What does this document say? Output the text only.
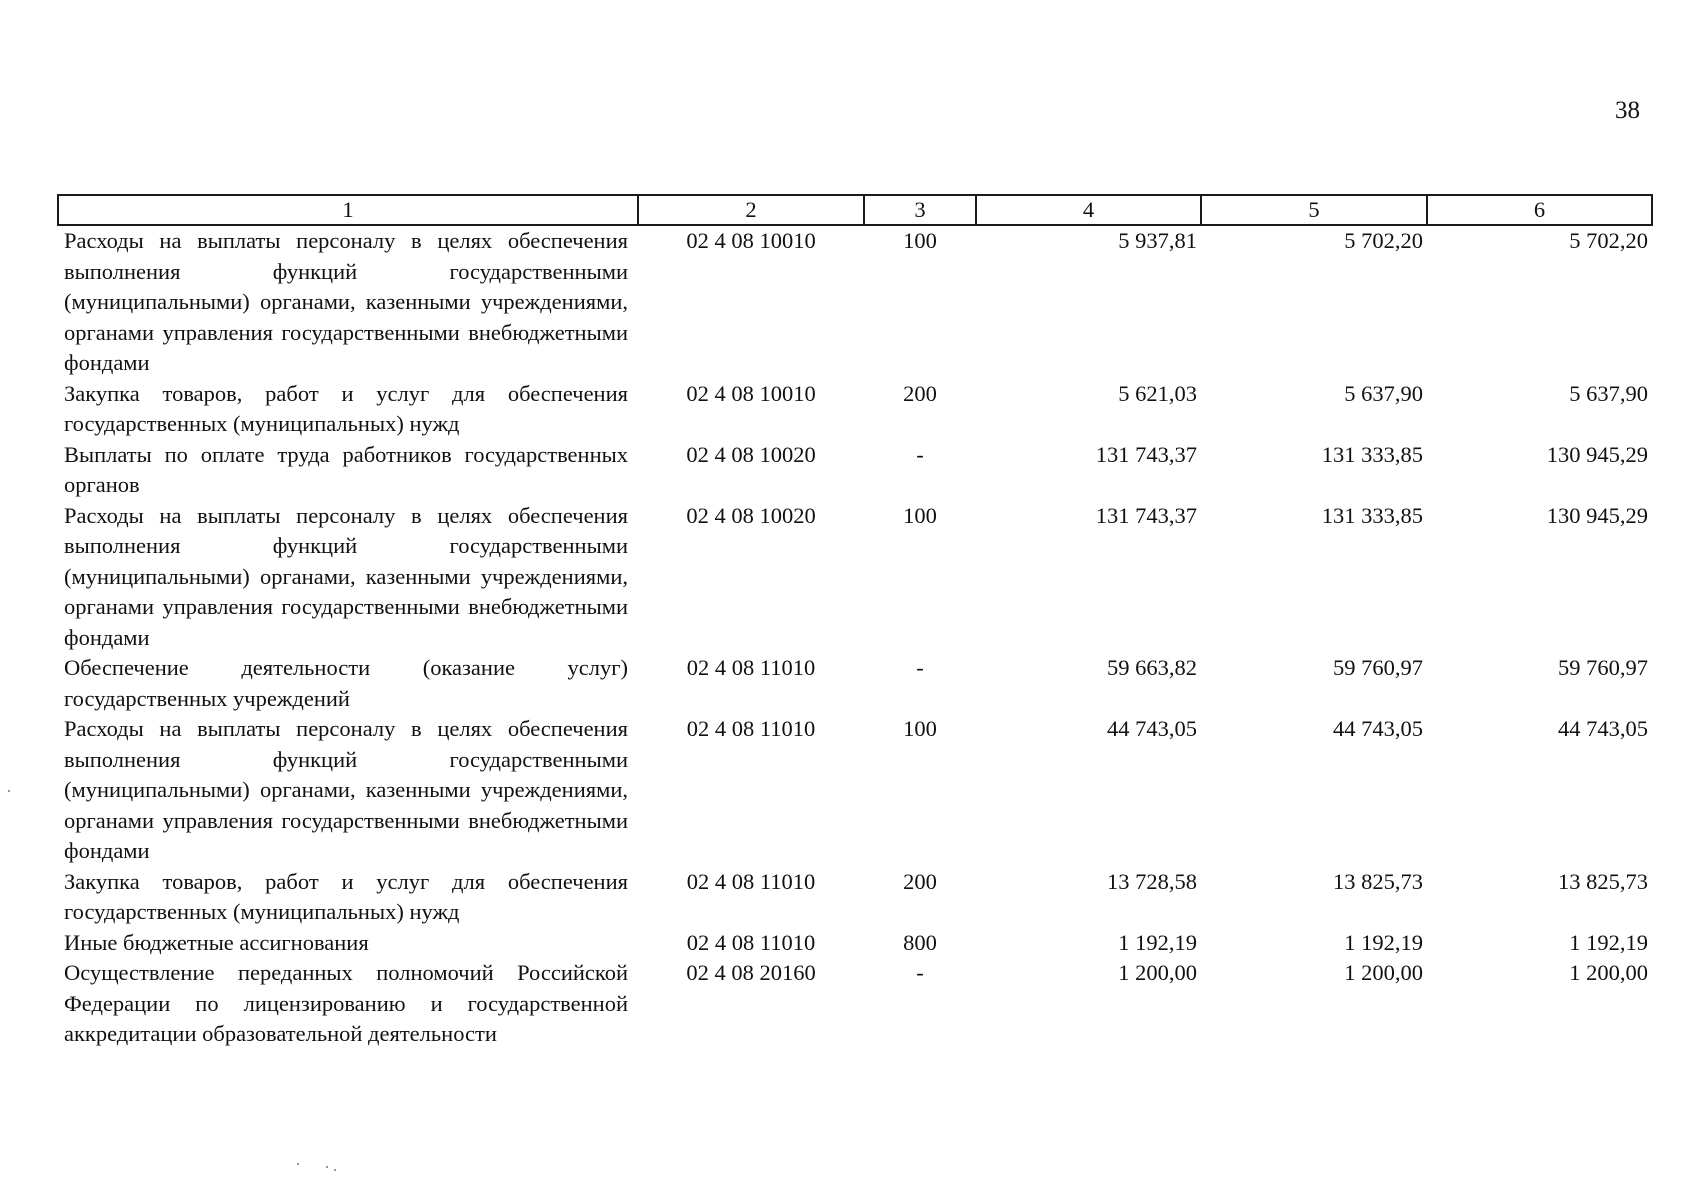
38
1	2	3	4	5	6
Расходы на выплаты персоналу в целях обеспечения выполнения функций государственными (муниципальными) органами, казенными учреждениями, органами управления государственными внебюджетными фондами	02 4 08 10010	100	5 937,81	5 702,20	5 702,20
Закупка товаров, работ и услуг для обеспечения государственных (муниципальных) нужд	02 4 08 10010	200	5 621,03	5 637,90	5 637,90
Выплаты по оплате труда работников государственных органов	02 4 08 10020	-	131 743,37	131 333,85	130 945,29
Расходы на выплаты персоналу в целях обеспечения выполнения функций государственными (муниципальными) органами, казенными учреждениями, органами управления государственными внебюджетными фондами	02 4 08 10020	100	131 743,37	131 333,85	130 945,29
Обеспечение деятельности (оказание услуг) государственных учреждений	02 4 08 11010	-	59 663,82	59 760,97	59 760,97
Расходы на выплаты персоналу в целях обеспечения выполнения функций государственными (муниципальными) органами, казенными учреждениями, органами управления государственными внебюджетными фондами	02 4 08 11010	100	44 743,05	44 743,05	44 743,05
Закупка товаров, работ и услуг для обеспечения государственных (муниципальных) нужд	02 4 08 11010	200	13 728,58	13 825,73	13 825,73
Иные бюджетные ассигнования	02 4 08 11010	800	1 192,19	1 192,19	1 192,19
Осуществление переданных полномочий Российской Федерации по лицензированию и государственной аккредитации образовательной деятельности	02 4 08 20160	-	1 200,00	1 200,00	1 200,00
